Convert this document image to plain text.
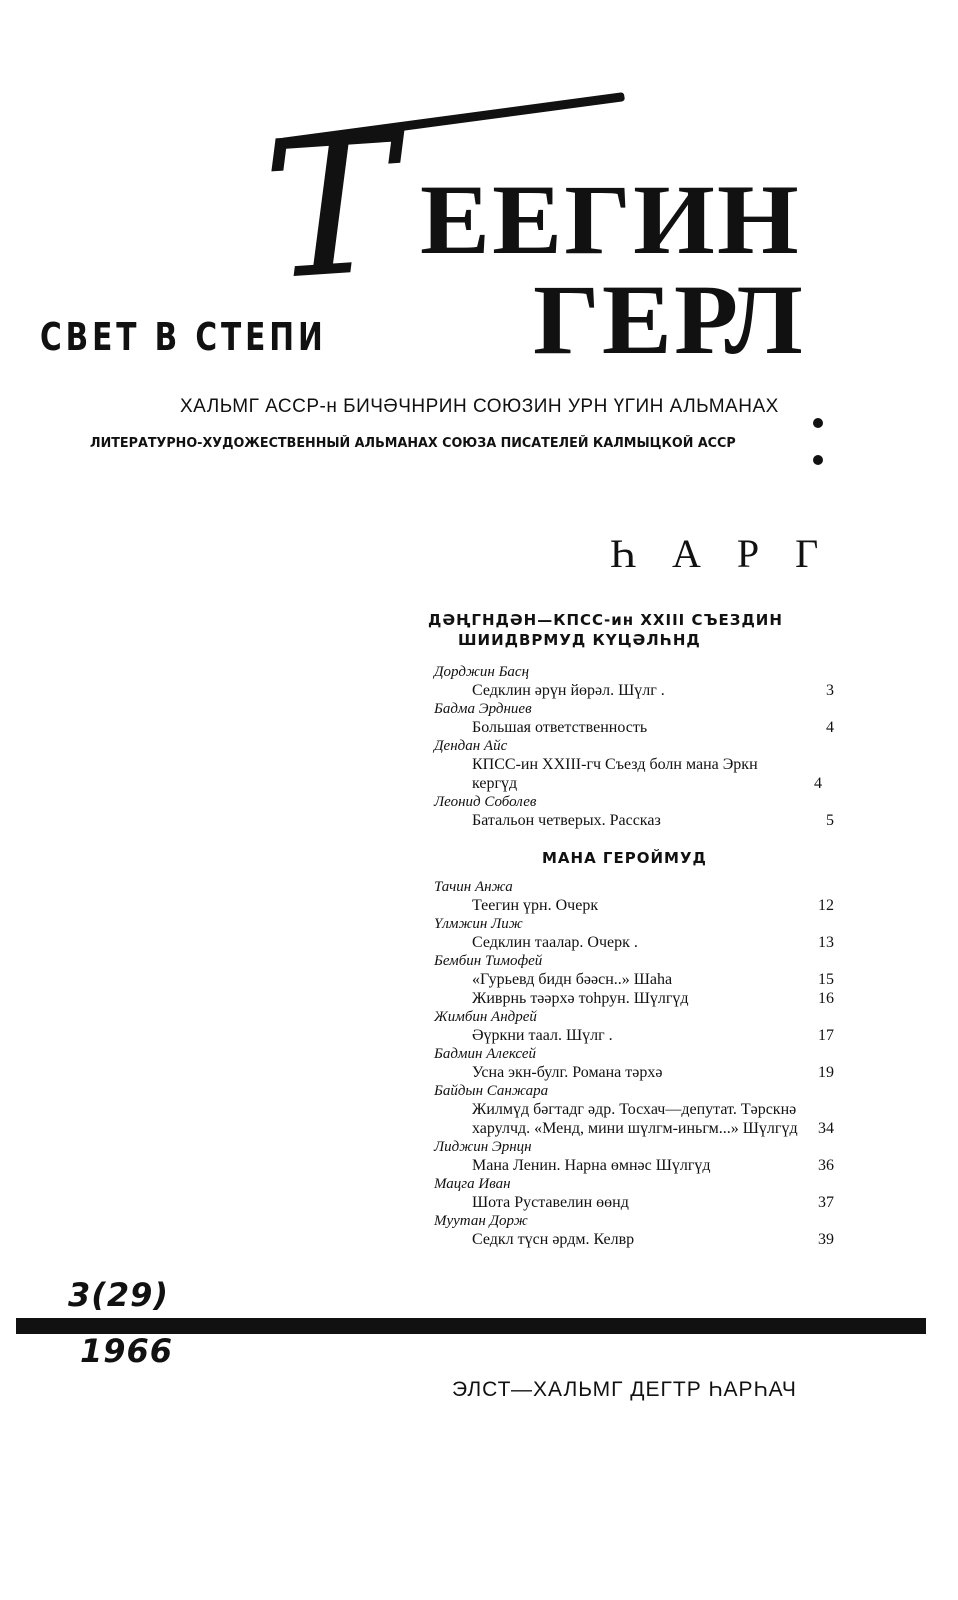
Т ЕЕГИН
ГЕРЛ
СВЕТ В СТЕПИ
ХАЛЬМГ АССР-н БИЧӘЧНРИН СОЮЗИН УРН ҮГИН АЛЬМАНАХ
ЛИТЕРАТУРНО-ХУДОЖЕСТВЕННЫЙ АЛЬМАНАХ СОЮЗА ПИСАТЕЛЕЙ КАЛМЫЦКОЙ АССР
ҺАРГ
ДӘҢГНДӘН—КПСС-ин XXIII СЪЕЗДИН
ШИИДВРМУД КҮЦӘЛҺНД
Дорджин Басң
Седклин әрүн йөрәл. Шүлг .	3
Бадма Эрдниев
Большая ответственность	4
Дендан Айс
КПСС-ин XXIII-гч Съезд болн мана Эркн кергүд	4
Леонид Соболев
Батальон четверых. Рассказ	5
МАНА ГЕРОЙМУД
Тачин Анжа
Теегин үрн. Очерк	12
Үлмжин Лиж
Седклин таалар. Очерк .	13
Бембин Тимофей
«Гурьевд бидн бәәсн..» Шаһа	15
Живрнь тәәрхә тоһрун. Шүлгүд	16
Жимбин Андрей
Әүркни таал. Шүлг .	17
Бадмин Алексей
Усна экн-булг. Романа тәрхә	19
Байдын Санжара
Жилмүд бәгтадг әдр. Тосхач—депутат. Тәрскнә харулчд. «Менд, мини шүлгм-иньгм...» Шүлгүд	34
Лиджин Эрнцн
Мана Ленин. Нарна өмнәс Шүлгүд	36
Мацга Иван
Шота Руставелин өөнд	37
Муутан Дорж
Седкл түсн әрдм. Келвр	39
3(29)
1966
ЭЛСТ—ХАЛЬМГ ДЕГТР ҺАРҺАЧ
